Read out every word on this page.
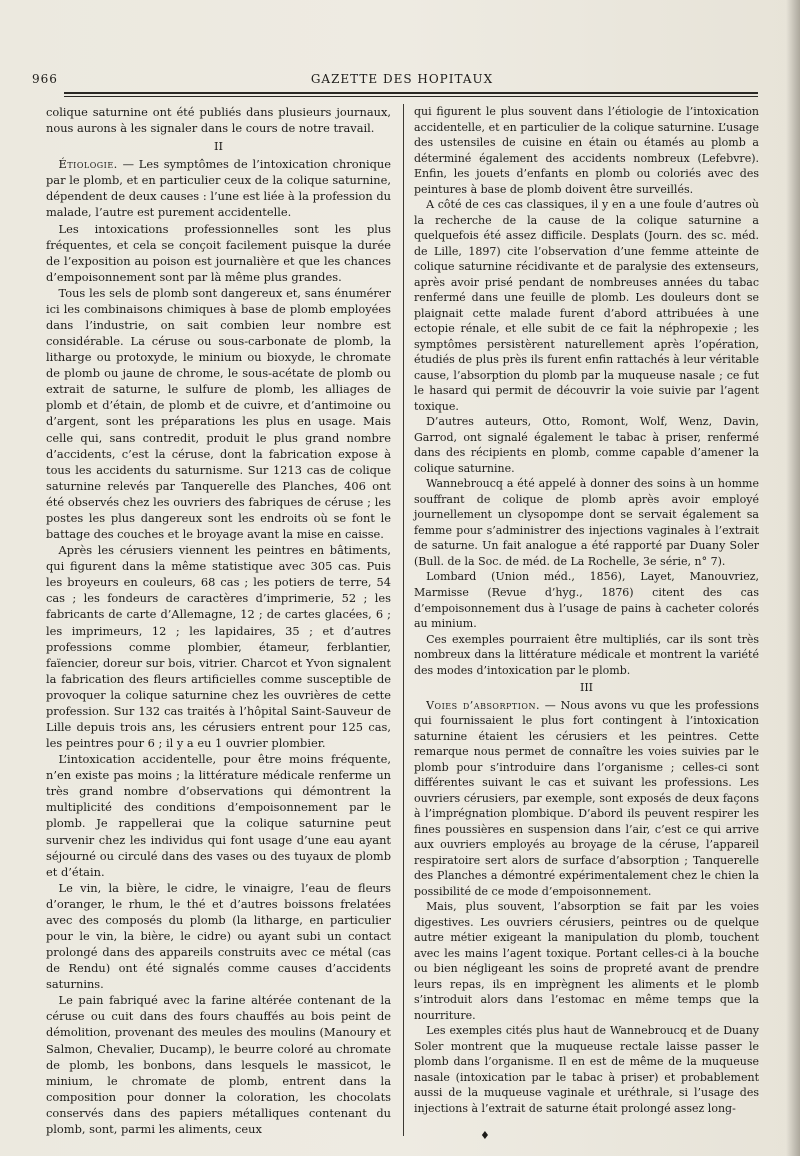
966	GAZETTE DES HOPITAUX

colique saturnine ont été publiés dans plusieurs journaux, nous aurons à les signaler dans le cours de notre travail.

II

Étiologie. — Les symptômes de l’intoxication chronique par le plomb, et en particulier ceux de la colique saturnine, dépendent de deux causes : l’une est liée à la profession du malade, l’autre est purement accidentelle.

Les intoxications professionnelles sont les plus fréquentes, et cela se conçoit facilement puisque la durée de l’exposition au poison est journalière et que les chances d’empoisonnement sont par là même plus grandes.

Tous les sels de plomb sont dangereux et, sans énumérer ici les combinaisons chimiques à base de plomb employées dans l’industrie, on sait combien leur nombre est considérable. La céruse ou sous-carbonate de plomb, la litharge ou protoxyde, le minium ou bioxyde, le chromate de plomb ou jaune de chrome, le sous-acétate de plomb ou extrait de saturne, le sulfure de plomb, les alliages de plomb et d’étain, de plomb et de cuivre, et d’antimoine ou d’argent, sont les préparations les plus en usage. Mais celle qui, sans contredit, produit le plus grand nombre d’accidents, c’est la céruse, dont la fabrication expose à tous les accidents du saturnisme. Sur 1213 cas de colique saturnine relevés par Tanquerelle des Planches, 406 ont été observés chez les ouvriers des fabriques de céruse ; les postes les plus dangereux sont les endroits où se font le battage des couches et le broyage avant la mise en caisse.

Après les cérusiers viennent les peintres en bâtiments, qui figurent dans la même statistique avec 305 cas. Puis les broyeurs en couleurs, 68 cas ; les potiers de terre, 54 cas ; les fondeurs de caractères d’imprimerie, 52 ; les fabricants de carte d’Allemagne, 12 ; de cartes glacées, 6 ; les imprimeurs, 12 ; les lapidaires, 35 ; et d’autres professions comme plombier, étameur, ferblantier, faïencier, doreur sur bois, vitrier. Charcot et Yvon signalent la fabrication des fleurs artificielles comme susceptible de provoquer la colique saturnine chez les ouvrières de cette profession. Sur 132 cas traités à l’hôpital Saint-Sauveur de Lille depuis trois ans, les cérusiers entrent pour 125 cas, les peintres pour 6 ; il y a eu 1 ouvrier plombier.

L’intoxication accidentelle, pour être moins fréquente, n’en existe pas moins ; la littérature médicale renferme un très grand nombre d’observations qui démontrent la multiplicité des conditions d’empoisonnement par le plomb. Je rappellerai que la colique saturnine peut survenir chez les individus qui font usage d’une eau ayant séjourné ou circulé dans des vases ou des tuyaux de plomb et d’étain.

Le vin, la bière, le cidre, le vinaigre, l’eau de fleurs d’oranger, le rhum, le thé et d’autres boissons frelatées avec des composés du plomb (la litharge, en particulier pour le vin, la bière, le cidre) ou ayant subi un contact prolongé dans des appareils construits avec ce métal (cas de Rendu) ont été signalés comme causes d’accidents saturnins.

Le pain fabriqué avec la farine altérée contenant de la céruse ou cuit dans des fours chauffés au bois peint de démolition, provenant des meules des moulins (Manoury et Salmon, Chevalier, Ducamp), le beurre coloré au chromate de plomb, les bonbons, dans lesquels le massicot, le minium, le chromate de plomb, entrent dans la composition pour donner la coloration, les chocolats conservés dans des papiers métalliques contenant du plomb, sont, parmi les aliments, ceux

qui figurent le plus souvent dans l’étiologie de l’intoxication accidentelle, et en particulier de la colique saturnine. L’usage des ustensiles de cuisine en étain ou étamés au plomb a déterminé également des accidents nombreux (Lefebvre). Enfin, les jouets d’enfants en plomb ou coloriés avec des peintures à base de plomb doivent être surveillés.

A côté de ces cas classiques, il y en a une foule d’autres où la recherche de la cause de la colique saturnine a quelquefois été assez difficile. Desplats (Journ. des sc. méd. de Lille, 1897) cite l’observation d’une femme atteinte de colique saturnine récidivante et de paralysie des extenseurs, après avoir prisé pendant de nombreuses années du tabac renfermé dans une feuille de plomb. Les douleurs dont se plaignait cette malade furent d’abord attribuées à une ectopie rénale, et elle subit de ce fait la néphropexie ; les symptômes persistèrent naturellement après l’opération, étudiés de plus près ils furent enfin rattachés à leur véritable cause, l’absorption du plomb par la muqueuse nasale ; ce fut le hasard qui permit de découvrir la voie suivie par l’agent toxique.

D’autres auteurs, Otto, Romont, Wolf, Wenz, Davin, Garrod, ont signalé également le tabac à priser, renfermé dans des récipients en plomb, comme capable d’amener la colique saturnine.

Wannebroucq a été appelé à donner des soins à un homme souffrant de colique de plomb après avoir employé journellement un clysopompe dont se servait également sa femme pour s’administrer des injections vaginales à l’extrait de saturne. Un fait analogue a été rapporté par Duany Soler (Bull. de la Soc. de méd. de La Rochelle, 3e série, n° 7).

Lombard (Union méd., 1856), Layet, Manouvriez, Marmisse (Revue d’hyg., 1876) citent des cas d’empoisonnement dus à l’usage de pains à cacheter colorés au minium.

Ces exemples pourraient être multipliés, car ils sont très nombreux dans la littérature médicale et montrent la variété des modes d’intoxication par le plomb.

III

Voies d’absorption. — Nous avons vu que les professions qui fournissaient le plus fort contingent à l’intoxication saturnine étaient les cérusiers et les peintres. Cette remarque nous permet de connaître les voies suivies par le plomb pour s’introduire dans l’organisme ; celles-ci sont différentes suivant le cas et suivant les professions. Les ouvriers cérusiers, par exemple, sont exposés de deux façons à l’imprégnation plombique. D’abord ils peuvent respirer les fines poussières en suspension dans l’air, c’est ce qui arrive aux ouvriers employés au broyage de la céruse, l’appareil respiratoire sert alors de surface d’absorption ; Tanquerelle des Planches a démontré expérimentalement chez le chien la possibilité de ce mode d’empoisonnement.

Mais, plus souvent, l’absorption se fait par les voies digestives. Les ouvriers cérusiers, peintres ou de quelque autre métier exigeant la manipulation du plomb, touchent avec les mains l’agent toxique. Portant celles-ci à la bouche ou bien négligeant les soins de propreté avant de prendre leurs repas, ils en imprègnent les aliments et le plomb s’introduit alors dans l’estomac en même temps que la nourriture.

Les exemples cités plus haut de Wannebroucq et de Duany Soler montrent que la muqueuse rectale laisse passer le plomb dans l’organisme. Il en est de même de la muqueuse nasale (intoxication par le tabac à priser) et probablement aussi de la muqueuse vaginale et uréthrale, si l’usage des injections à l’extrait de saturne était prolongé assez long-

♦
